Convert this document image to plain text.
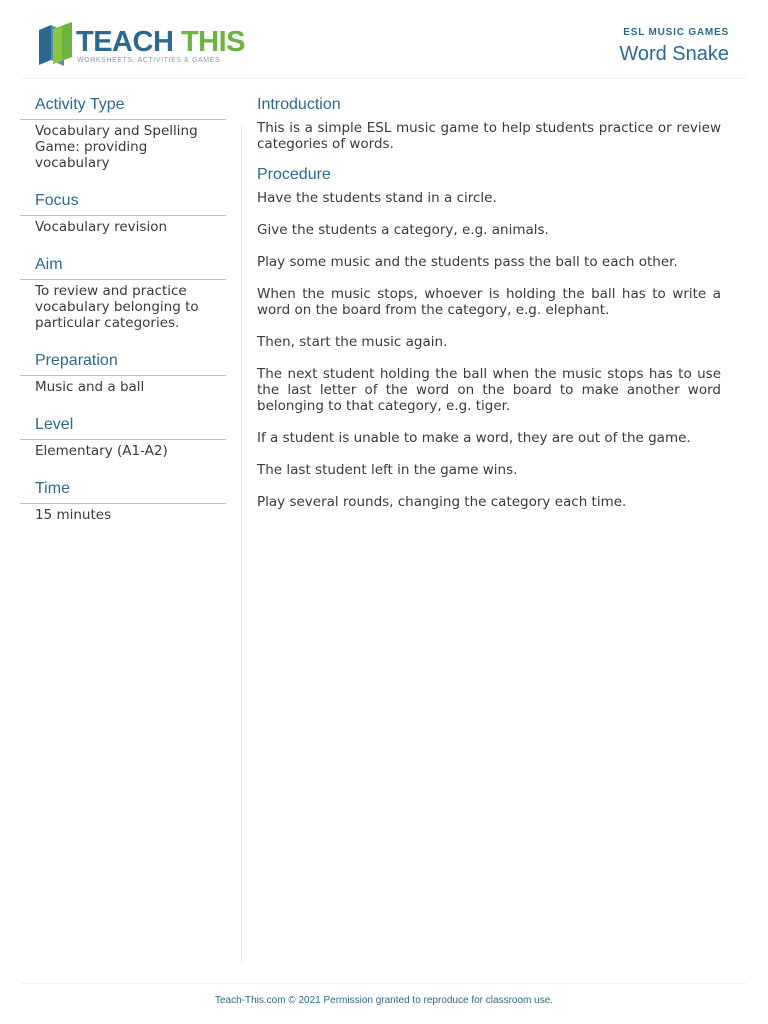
TEACH THIS
WORKSHEETS, ACTIVITIES & GAMES
ESL MUSIC GAMES
Word Snake
Activity Type
Vocabulary and Spelling
Game: providing
vocabulary
Focus
Vocabulary revision
Aim
To review and practice
vocabulary belonging to
particular categories.
Preparation
Music and a ball
Level
Elementary (A1-A2)
Time
15 minutes
Introduction

This is a simple ESL music game to help students practice or review categories of words.

Procedure

Have the students stand in a circle.

Give the students a category, e.g. animals.

Play some music and the students pass the ball to each other.

When the music stops, whoever is holding the ball has to write a word on the board from the category, e.g. elephant.

Then, start the music again.

The next student holding the ball when the music stops has to use the last letter of the word on the board to make another word belonging to that category, e.g. tiger.

If a student is unable to make a word, they are out of the game.

The last student left in the game wins.

Play several rounds, changing the category each time.

Teach-This.com © 2021 Permission granted to reproduce for classroom use.
